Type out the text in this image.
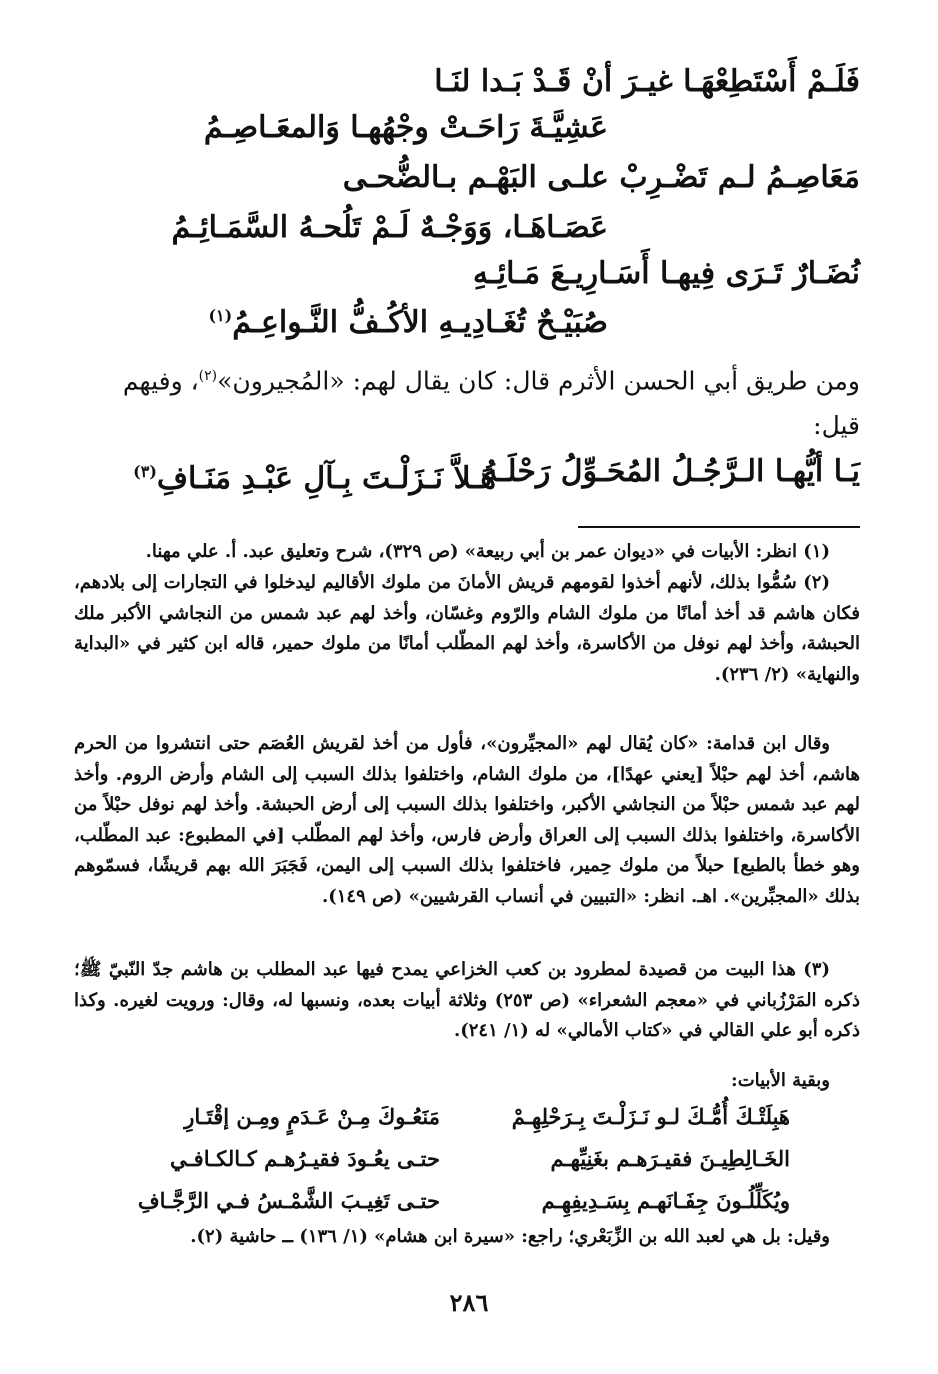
فَلَـمْ أَسْتَطِعْهَـا غيـرَ أنْ قَـدْ بَـدا لنَـا
عَشِيَّـةَ رَاحَـتْ وجْهُهـا وَالمعَـاصِـمُ
مَعَاصِـمُ لـم تَضْـرِبْ علـى البَهْـم بـالضُّحـى
عَصَـاهَـا، وَوَجْـهٌ لَـمْ تَلُحـهُ السَّمَـائِـمُ
نُضَـارٌ تَـرَى فِيهـا أَسَـارِيـعَ مَـائِـهِ
صُبَيْـحٌ تُغَـادِيـهِ الأكُـفُّ النَّـواعِـمُ$^{(١)}$
ومن طريق أبي الحسن الأثرم قال: كان يقال لهم: «المُجيرون»$^{(٢)}$، وفيهم
قيل:
يَـا أيُّهـا الـرَّجُـلُ المُحَـوِّلُ رَحْلَـهُ
هَـلاَّ نَـزَلْـتَ بِـآلِ عَبْـدِ مَنَـافِ$^{(٣)}$

(١) انظر: الأبيات في «ديوان عمر بن أبي ربيعة» (ص ٣٢٩)، شرح وتعليق عبد. أ. علي مهنا.

(٢) سُمُّوا بذلك، لأنهم أخذوا لقومهم قريش الأمانَ من ملوك الأقاليم ليدخلوا في التجارات إلى بلادهم، فكان هاشم قد أخذ أمانًا من ملوك الشام والرّوم وغسّان، وأخذ لهم عبد شمس من النجاشي الأكبر ملك الحبشة، وأخذ لهم نوفل من الأكاسرة، وأخذ لهم المطّلب أمانًا من ملوك حمير، قاله ابن كثير في «البداية والنهاية» (٢/ ٢٣٦).

وقال ابن قدامة: «كان يُقال لهم «المجيِّرون»، فأول من أخذ لقريش العُصَم حتى انتشروا من الحرم هاشم، أخذ لهم حبْلاً [يعني عهدًا]، من ملوك الشام، واختلفوا بذلك السبب إلى الشام وأرض الروم. وأخذ لهم عبد شمس حبْلاً من النجاشي الأكبر، واختلفوا بذلك السبب إلى أرض الحبشة. وأخذ لهم نوفل حبْلاً من الأكاسرة، واختلفوا بذلك السبب إلى العراق وأرض فارس، وأخذ لهم المطّلب [في المطبوع: عبد المطّلب، وهو خطأ بالطبع] حبلاً من ملوك حِمير، فاختلفوا بذلك السبب إلى اليمن، فَجَبَرَ الله بهم قريشًا، فسمّوهم بذلك «المجبِّرين». اهـ. انظر: «التبيين في أنساب القرشيين» (ص ١٤٩).

(٣) هذا البيت من قصيدة لمطرود بن كعب الخزاعي يمدح فيها عبد المطلب بن هاشم جدّ النّبيّ ﷺ؛ ذكره المَرْزُباني في «معجم الشعراء» (ص ٢٥٣) وثلاثة أبيات بعده، ونسبها له، وقال: ورويت لغيره. وكذا ذكره أبو علي القالي في «كتاب الأمالي» له (١/ ٢٤١).

وبقية الأبيات:

هَبِلَتْـكَ أُمُّـكَ لـو نَـزَلْـتَ بِـرَحْلِهِـمْ
مَنَعُـوكَ مِـنْ عَـدَمٍ ومِـن إقْتَـارِ
الخَـالِطِيـنَ فقيـرَهـم بغَنِيِّهـم
حتـى يعُـودَ فقيـرُهـم كـالكـافـي
ويُكَلِّلُـونَ جِفَـانَهـم بِسَـدِيفِهِـم
حتـى تَغِيـبَ الشَّمْـسُ فـي الرَّجَّـافِ

وقيل: بل هي لعبد الله بن الزِّبَعْري؛ راجع: «سيرة ابن هشام» (١/ ١٣٦) ــ حاشية (٢).

٢٨٦
